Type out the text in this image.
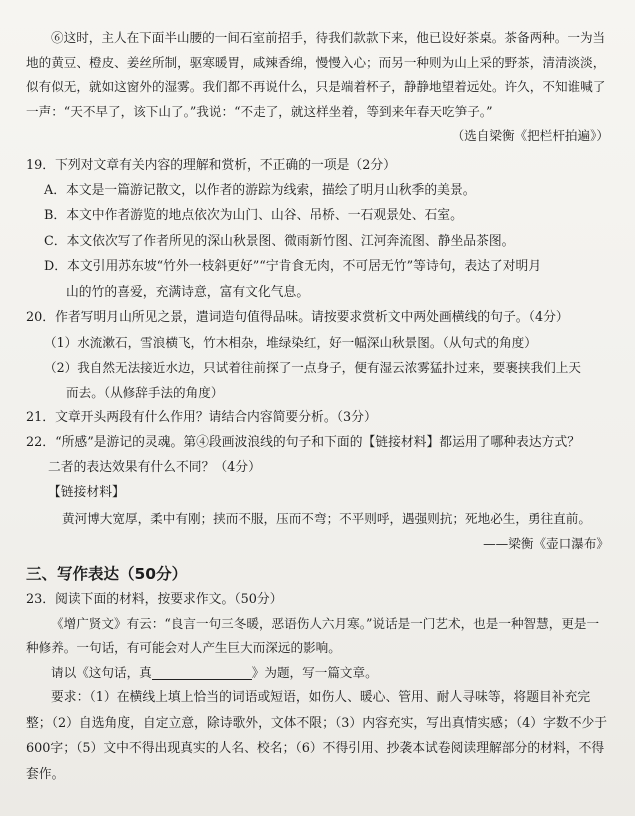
⑥这时，主人在下面半山腰的一间石室前招手，待我们款款下来，他已设好茶桌。茶备两种。一为当地的黄豆、橙皮、姜丝所制，驱寒暖胃，咸辣香绵，慢慢入心；而另一种则为山上采的野茶，清清淡淡，似有似无，就如这窗外的湿雾。我们都不再说什么，只是端着杯子，静静地望着远处。许久，不知谁喊了一声：“天不早了，该下山了。”我说：“不走了，就这样坐着，等到来年春天吃笋子。”

（选自梁衡《把栏杆拍遍》）

19．下列对文章有关内容的理解和赏析，不正确的一项是（2分）

A．本文是一篇游记散文，以作者的游踪为线索，描绘了明月山秋季的美景。

B．本文中作者游览的地点依次为山门、山谷、吊桥、一石观景处、石室。

C．本文依次写了作者所见的深山秋景图、微雨新竹图、江河奔流图、静坐品茶图。

D．本文引用苏东坡“竹外一枝斜更好”“宁肯食无肉，不可居无竹”等诗句，表达了对明月

山的竹的喜爱，充满诗意，富有文化气息。

20．作者写明月山所见之景，遣词造句值得品味。请按要求赏析文中两处画横线的句子。（4分）

（1）水流漱石，雪浪横飞，竹木相杂，堆绿染红，好一幅深山秋景图。（从句式的角度）

（2）我自然无法接近水边，只试着往前探了一点身子，便有湿云浓雾猛扑过来，要裹挟我们上天

而去。（从修辞手法的角度）

21．文章开头两段有什么作用？请结合内容简要分析。（3分）

22．“所感”是游记的灵魂。第④段画波浪线的句子和下面的【链接材料】都运用了哪种表达方式？

二者的表达效果有什么不同？（4分）

【链接材料】

黄河博大宽厚，柔中有刚；挟而不服，压而不弯；不平则呼，遇强则抗；死地必生，勇往直前。

——梁衡《壶口瀑布》

三、写作表达（50分）

23．阅读下面的材料，按要求作文。（50分）

《增广贤文》有云：“良言一句三冬暖，恶语伤人六月寒。”说话是一门艺术，也是一种智慧，更是一种修养。一句话，有可能会对人产生巨大而深远的影响。

请以《这句话，真	》为题，写一篇文章。

要求：（1）在横线上填上恰当的词语或短语，如伤人、暖心、管用、耐人寻味等，将题目补充完整；（2）自选角度，自定立意，除诗歌外，文体不限；（3）内容充实，写出真情实感；（4）字数不少于600字；（5）文中不得出现真实的人名、校名；（6）不得引用、抄袭本试卷阅读理解部分的材料，不得套作。
